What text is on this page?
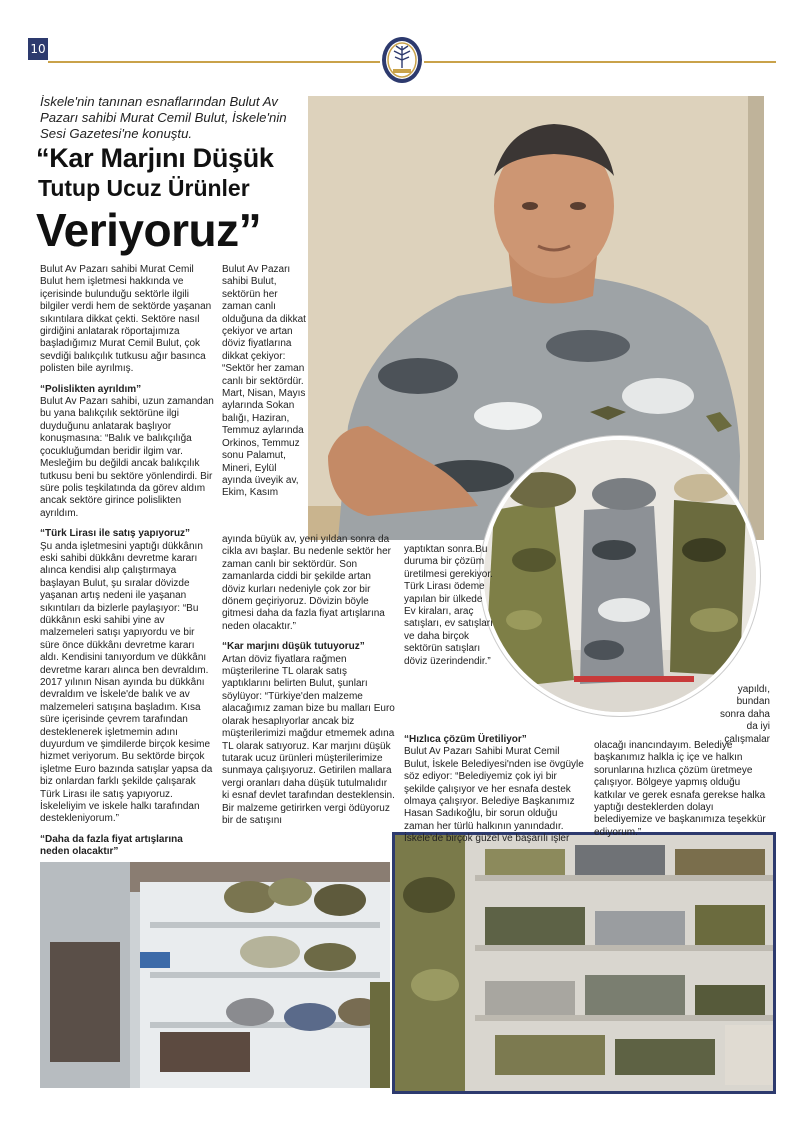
10
İskele'nin tanınan esnaflarından Bulut Av Pazarı sahibi Murat Cemil Bulut, İskele'nin Sesi Gazetesi'ne konuştu.
“Kar Marjını Düşük
Tutup Ucuz Ürünler
Veriyoruz”

Bulut Av Pazarı sahibi Murat Cemil Bulut hem işletmesi hakkında ve içerisinde bulunduğu sektörle ilgili bilgiler verdi hem de sektörde yaşanan sıkıntılara dikkat çekti. Sektöre nasıl girdiğini anlatarak röportajımıza başladığımız Murat Cemil Bulut, çok sevdiği balıkçılık tutkusu ağır basınca polisten bile ayrılmış.

“Polislikten ayrıldım”

Bulut Av Pazarı sahibi, uzun zamandan bu yana balıkçılık sektörüne ilgi duyduğunu anlatarak başlıyor konuşmasına: “Balık ve balıkçılığa çocukluğumdan beridir ilgim var. Mesleğim bu değildi ancak balıkçılık tutkusu beni bu sektöre yönlendirdi. Bir süre polis teşkilatında da görev aldım ancak sektöre girince polislikten ayrıldım.

“Türk Lirası ile satış yapıyoruz”

Şu anda işletmesini yaptığı dükkânın eski sahibi dükkânı devretme kararı alınca kendisi alıp çalıştırmaya başlayan Bulut, şu sıralar dövizde yaşanan artış nedeni ile yaşanan sıkıntıları da bizlerle paylaşıyor: “Bu dükkânın eski sahibi yine av malzemeleri satışı yapıyordu ve bir süre önce dükkânı devretme kararı aldı. Kendisini tanıyordum ve dükkânı devretme kararı alınca ben devraldım. 2017 yılının Nisan ayında bu dükkânı devraldım ve İskele'de balık ve av malzemeleri satışına başladım. Kısa süre içerisinde çevrem tarafından desteklenerek işletmemin adını duyurdum ve şimdilerde birçok kesime hizmet veriyorum. Bu sektörde birçok işletme Euro bazında satışlar yapsa da biz onlardan farklı şekilde çalışarak Türk Lirası ile satış yapıyoruz. İskeleliyim ve iskele halkı tarafından destekleniyorum.”

“Daha da fazla fiyat artışlarına neden olacaktır”

Bulut Av Pazarı sahibi Bulut, sektörün her zaman canlı olduğuna da dikkat çekiyor ve artan döviz fiyatlarına dikkat çekiyor: “Sektör her zaman canlı bir sektördür. Mart, Nisan, Mayıs aylarında Sokan balığı, Haziran, Temmuz aylarında Orkinos, Temmuz sonu Palamut, Mineri, Eylül ayında üveyik av, Ekim, Kasım

ayında büyük av, yeni yıldan sonra da cikla avı başlar. Bu nedenle sektör her zaman canlı bir sektördür. Son zamanlarda ciddi bir şekilde artan döviz kurları nedeniyle çok zor bir dönem geçiriyoruz. Dövizin böyle gitmesi daha da fazla fiyat artışlarına neden olacaktır.”

“Kar marjını düşük tutuyoruz”

Artan döviz fiyatlara rağmen müşterilerine TL olarak satış yaptıklarını belirten Bulut, şunları söylüyor: “Türkiye'den malzeme alacağımız zaman bize bu malları Euro olarak hesaplıyorlar ancak biz müşterilerimizi mağdur etmemek adına TL olarak satıyoruz. Kar marjını düşük tutarak ucuz ürünleri müşterilerimize sunmaya çalışıyoruz. Getirilen mallara vergi oranları daha düşük tutulmalıdır ki esnaf devlet tarafından desteklensin. Bir malzeme getirirken vergi ödüyoruz bir de satışını

yaptıktan sonra.Bu duruma bir çözüm üretilmesi gerekiyor. Türk Lirası ödeme yapılan bir ülkede Ev kiraları, araç satışları, ev satışları ve daha birçok sektörün satışları döviz üzerindendir.”

“Hızlıca çözüm Üretiliyor”

Bulut Av Pazarı Sahibi Murat Cemil Bulut, İskele Belediyesi'nden ise övgüyle söz ediyor: “Belediyemiz çok iyi bir şekilde çalışıyor ve her esnafa destek olmaya çalışıyor. Belediye Başkanımız Hasan Sadıkoğlu, bir sorun olduğu zaman her türlü halkının yanındadır. İskele'de birçok güzel ve başarılı işler

yapıldı, bundan sonra daha da iyi çalışmalar

olacağı inancındayım. Belediye başkanımız halkla iç içe ve halkın sorunlarına hızlıca çözüm üretmeye çalışıyor. Bölgeye yapmış olduğu katkılar ve gerek esnafa gerekse halka yaptığı desteklerden dolayı belediyemize ve başkanımıza teşekkür ediyorum.”
